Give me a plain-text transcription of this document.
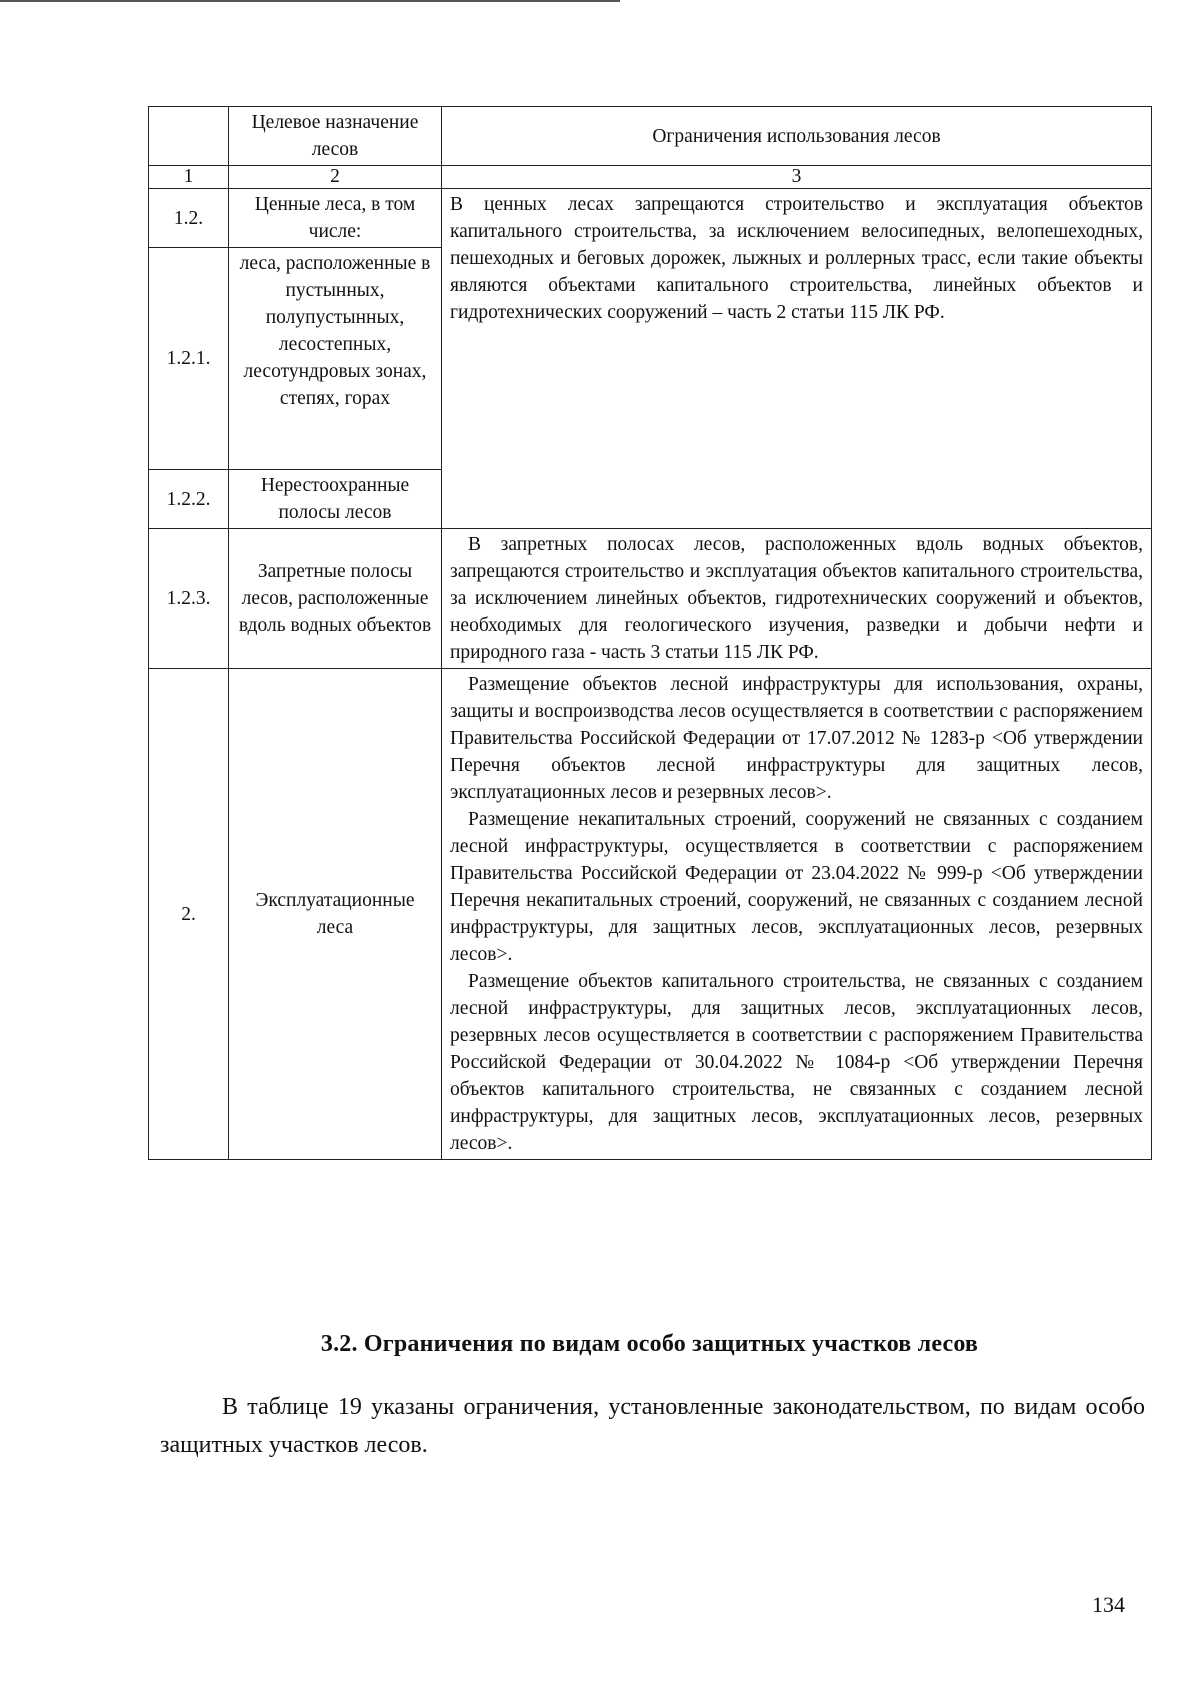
	Целевое назначение лесов	Ограничения использования лесов
1	2	3
1.2.	Ценные леса, в том числе:	В ценных лесах запрещаются строительство и эксплуатация объектов капитального строительства, за исключением велосипедных, велопешеходных, пешеходных и беговых дорожек, лыжных и роллерных трасс, если такие объекты являются объектами капитального строительства, линейных объектов и гидротехнических сооружений – часть 2 статьи 115 ЛК РФ.
1.2.1.	леса, расположенные в пустынных, полупустынных, лесостепных, лесотундровых зонах, степях, горах	
1.2.2.	Нерестоохранные полосы лесов	
1.2.3.	Запретные полосы лесов, расположенные вдоль водных объектов	В запретных полосах лесов, расположенных вдоль водных объектов, запрещаются строительство и эксплуатация объектов капитального строительства, за исключением линейных объектов, гидротехнических сооружений и объектов, необходимых для геологического изучения, разведки и добычи нефти и природного газа - часть 3 статьи 115 ЛК РФ.
2.	Эксплуатационные леса	Размещение объектов лесной инфраструктуры для использования, охраны, защиты и воспроизводства лесов осуществляется в соответствии с распоряжением Правительства Российской Федерации от 17.07.2012 № 1283-р <Об утверждении Перечня объектов лесной инфраструктуры для защитных лесов, эксплуатационных лесов и резервных лесов>.

Размещение некапитальных строений, сооружений не связанных с созданием лесной инфраструктуры, осуществляется в соответствии с распоряжением Правительства Российской Федерации от 23.04.2022 № 999-р <Об утверждении Перечня некапитальных строений, сооружений, не связанных с созданием лесной инфраструктуры, для защитных лесов, эксплуатационных лесов, резервных лесов>.

Размещение объектов капитального строительства, не связанных с созданием лесной инфраструктуры, для защитных лесов, эксплуатационных лесов, резервных лесов осуществляется в соответствии с распоряжением Правительства Российской Федерации от 30.04.2022 № 1084-р <Об утверждении Перечня объектов капитального строительства, не связанных с созданием лесной инфраструктуры, для защитных лесов, эксплуатационных лесов, резервных лесов>.

3.2. Ограничения по видам особо защитных участков лесов

В таблице 19 указаны ограничения, установленные законодательством, по видам особо защитных участков лесов.

134
